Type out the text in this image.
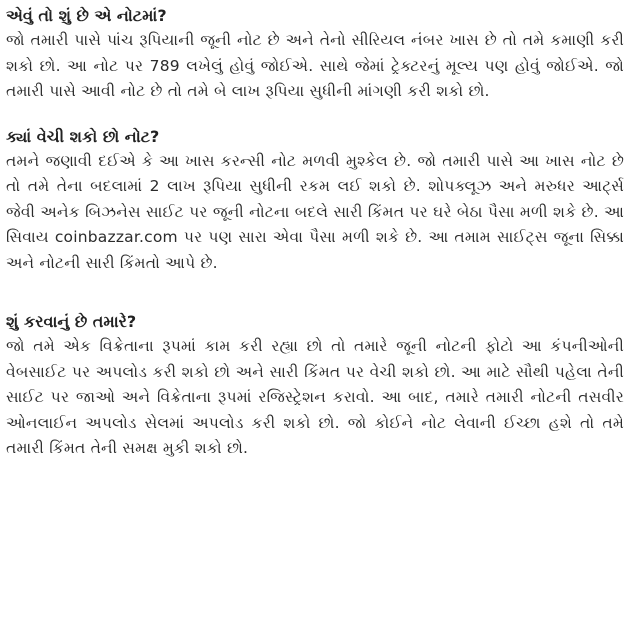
એવું તો શું છે એ નોટમાં?

જો તમારી પાસે પાંચ રૂપિયાની જૂની નોટ છે અને તેનો સીરિયલ નંબર ખાસ છે તો તમે કમાણી કરી શકો છો. આ નોટ પર 789 લખેલું હોવું જોઈએ. સાથે જેમાં ટ્રેક્ટરનું મૂલ્ય પણ હોવું જોઈએ. જો તમારી પાસે આવી નોટ છે તો તમે બે લાખ રૂપિયા સુધીની માંગણી કરી શકો છો.

ક્યાં વેચી શકો છો નોટ?

તમને જણાવી દઈએ કે આ ખાસ કરન્સી નોટ મળવી મુશ્કેલ છે. જો તમારી પાસે આ ખાસ નોટ છે તો તમે તેના બદલામાં 2 લાખ રૂપિયા સુધીની રકમ લઈ શકો છે. શોપક્લૂઝ અને મરુધર આર્ટ્સ જેવી અનેક બિઝનેસ સાઈટ પર જૂની નોટના બદલે સારી કિંમત પર ઘરે બેઠા પૈસા મળી શકે છે. આ સિવાય coinbazzar.com પર પણ સારા એવા પૈસા મળી શકે છે. આ તમામ સાઈટ્સ જૂના સિક્કા અને નોટની સારી કિંમતો આપે છે.

શું કરવાનું છે તમારે?

જો તમે એક વિક્રેતાના રૂપમાં કામ કરી રહ્યા છો તો તમારે જૂની નોટની ફોટો આ કંપનીઓની વેબસાઈટ પર અપલોડ કરી શકો છો અને સારી કિંમત પર વેચી શકો છો. આ માટે સૌથી પહેલા તેની સાઈટ પર જાઓ અને વિક્રેતાના રૂપમાં રજિસ્ટ્રેશન કરાવો. આ બાદ, તમારે તમારી નોટની તસવીર ઓનલાઈન અપલોડ સેલમાં અપલોડ કરી શકો છો. જો કોઈને નોટ લેવાની ઈચ્છા હશે તો તમે તમારી કિંમત તેની સમક્ષ મુકી શકો છો.
